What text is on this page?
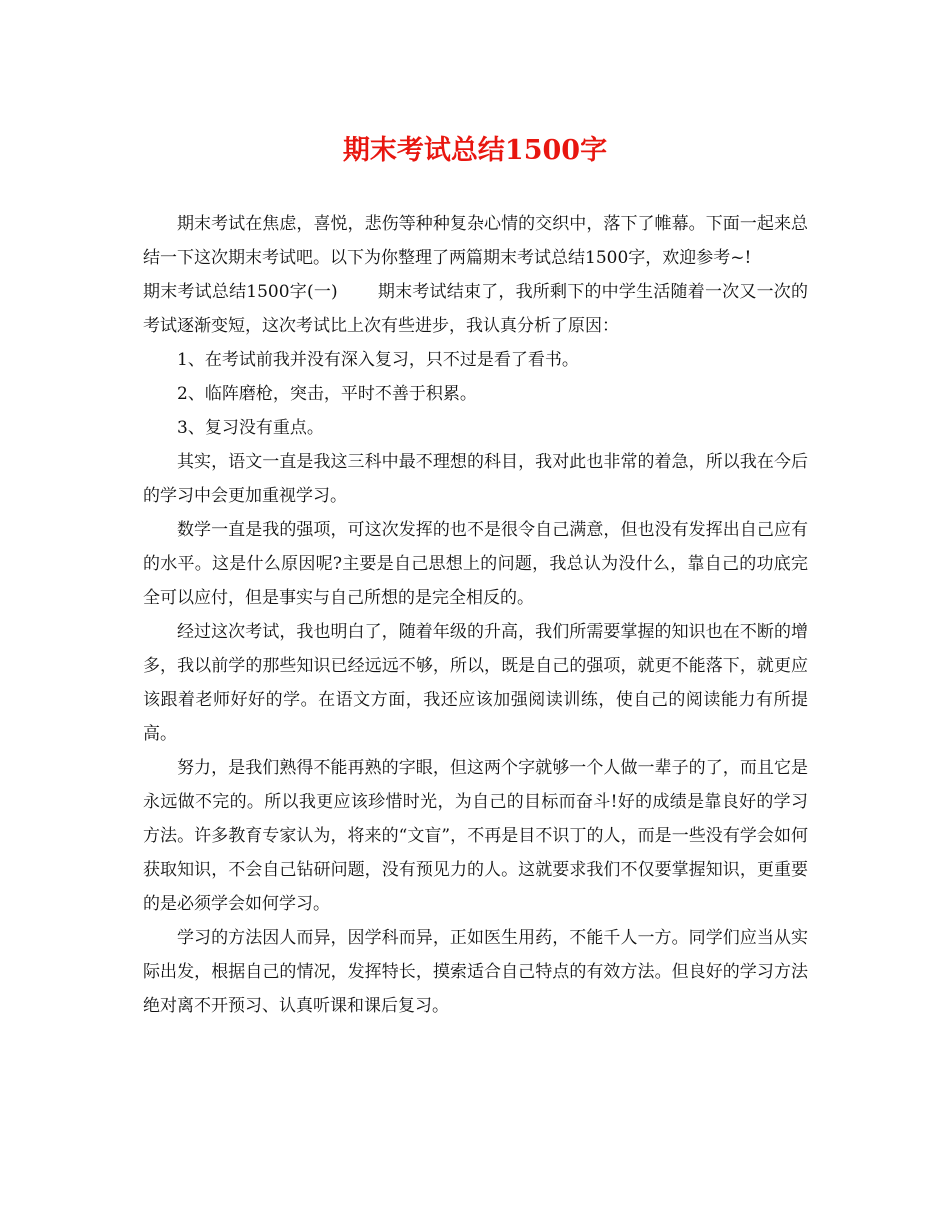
期末考试总结1500字

期末考试在焦虑，喜悦，悲伤等种种复杂心情的交织中，落下了帷幕。下面一起来总结一下这次期末考试吧。以下为你整理了两篇期末考试总结1500字，欢迎参考~!

期末考试总结1500字(一) 期末考试结束了，我所剩下的中学生活随着一次又一次的考试逐渐变短，这次考试比上次有些进步，我认真分析了原因：

1、在考试前我并没有深入复习，只不过是看了看书。

2、临阵磨枪，突击，平时不善于积累。

3、复习没有重点。

其实，语文一直是我这三科中最不理想的科目，我对此也非常的着急，所以我在今后的学习中会更加重视学习。

数学一直是我的强项，可这次发挥的也不是很令自己满意，但也没有发挥出自己应有的水平。这是什么原因呢?主要是自己思想上的问题，我总认为没什么，靠自己的功底完全可以应付，但是事实与自己所想的是完全相反的。

经过这次考试，我也明白了，随着年级的升高，我们所需要掌握的知识也在不断的增多，我以前学的那些知识已经远远不够，所以，既是自己的强项，就更不能落下，就更应该跟着老师好好的学。在语文方面，我还应该加强阅读训练，使自己的阅读能力有所提高。

努力，是我们熟得不能再熟的字眼，但这两个字就够一个人做一辈子的了，而且它是永远做不完的。所以我更应该珍惜时光，为自己的目标而奋斗!好的成绩是靠良好的学习方法。许多教育专家认为，将来的“文盲”，不再是目不识丁的人，而是一些没有学会如何获取知识，不会自己钻研问题，没有预见力的人。这就要求我们不仅要掌握知识，更重要的是必须学会如何学习。

学习的方法因人而异，因学科而异，正如医生用药，不能千人一方。同学们应当从实际出发，根据自己的情况，发挥特长，摸索适合自己特点的有效方法。但良好的学习方法绝对离不开预习、认真听课和课后复习。
